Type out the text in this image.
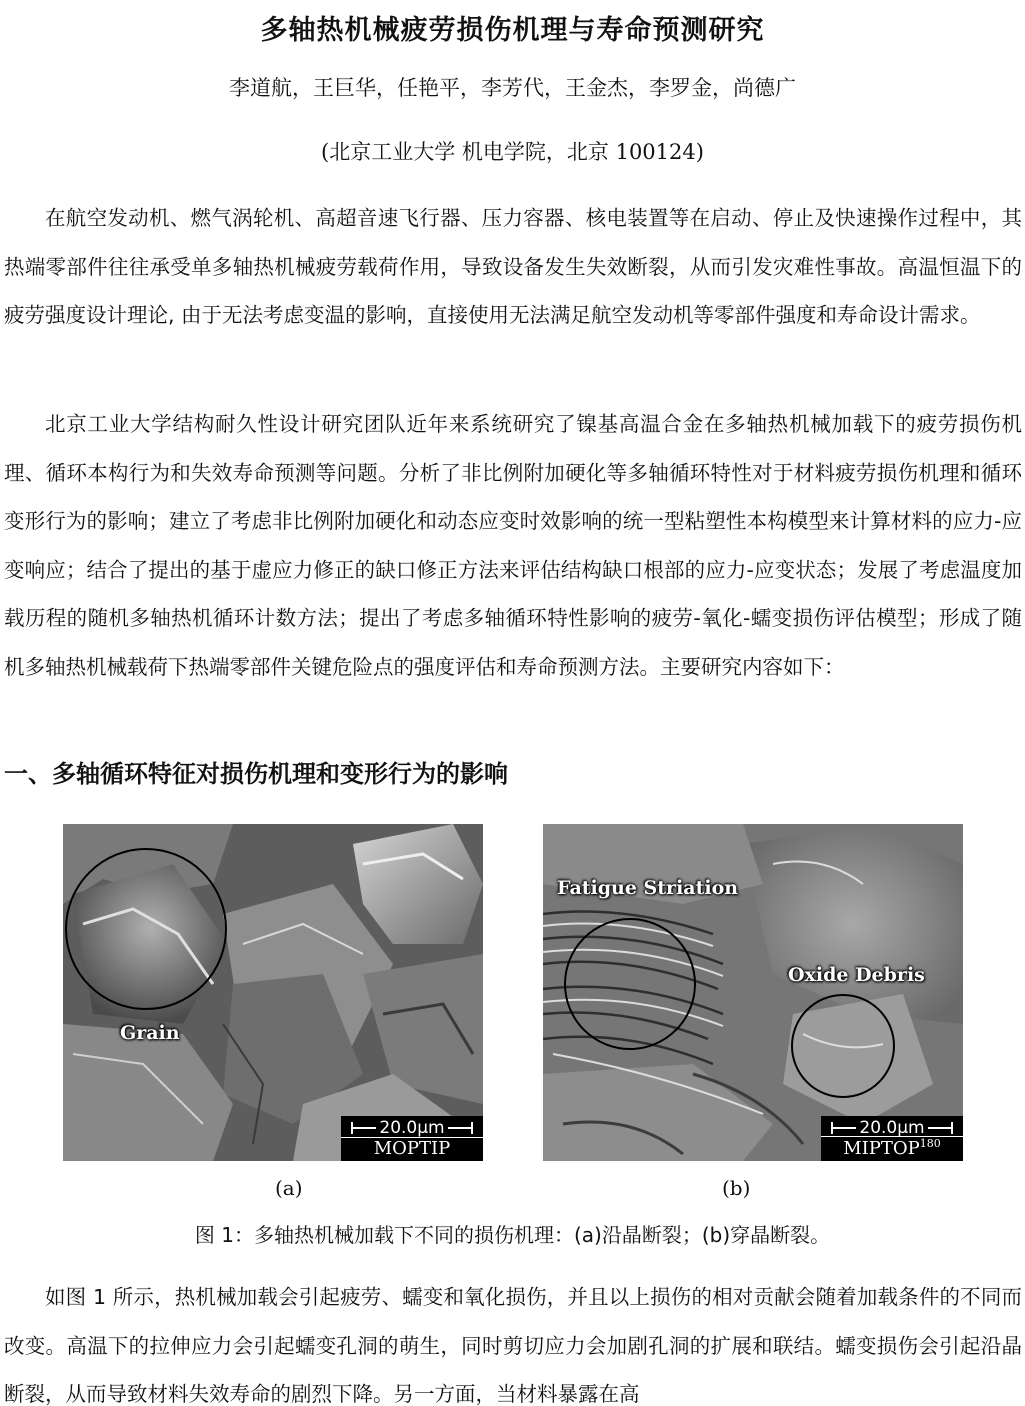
多轴热机械疲劳损伤机理与寿命预测研究
李道航，王巨华，任艳平，李芳代，王金杰，李罗金，尚德广
(北京工业大学 机电学院，北京 100124)

在航空发动机、燃气涡轮机、高超音速飞行器、压力容器、核电装置等在启动、停止及快速操作过程中，其热端零部件往往承受单多轴热机械疲劳载荷作用，导致设备发生失效断裂，从而引发灾难性事故。高温恒温下的疲劳强度设计理论, 由于无法考虑变温的影响，直接使用无法满足航空发动机等零部件强度和寿命设计需求。

北京工业大学结构耐久性设计研究团队近年来系统研究了镍基高温合金在多轴热机械加载下的疲劳损伤机理、循环本构行为和失效寿命预测等问题。分析了非比例附加硬化等多轴循环特性对于材料疲劳损伤机理和循环变形行为的影响；建立了考虑非比例附加硬化和动态应变时效影响的统一型粘塑性本构模型来计算材料的应力-应变响应；结合了提出的基于虚应力修正的缺口修正方法来评估结构缺口根部的应力-应变状态；发展了考虑温度加载历程的随机多轴热机循环计数方法；提出了考虑多轴循环特性影响的疲劳-氧化-蠕变损伤评估模型；形成了随机多轴热机械载荷下热端零部件关键危险点的强度评估和寿命预测方法。主要研究内容如下：

一、多轴循环特征对损伤机理和变形行为的影响
Grain
20.0μm
MOPTIP
Fatigue Striation
Oxide Debris
20.0μm
MIPTOP$^{180}$
(a)	(b)
图 1：多轴热机械加载下不同的损伤机理：(a)沿晶断裂；(b)穿晶断裂。

如图 1 所示，热机械加载会引起疲劳、蠕变和氧化损伤，并且以上损伤的相对贡献会随着加载条件的不同而改变。高温下的拉伸应力会引起蠕变孔洞的萌生，同时剪切应力会加剧孔洞的扩展和联结。蠕变损伤会引起沿晶断裂，从而导致材料失效寿命的剧烈下降。另一方面，当材料暴露在高
